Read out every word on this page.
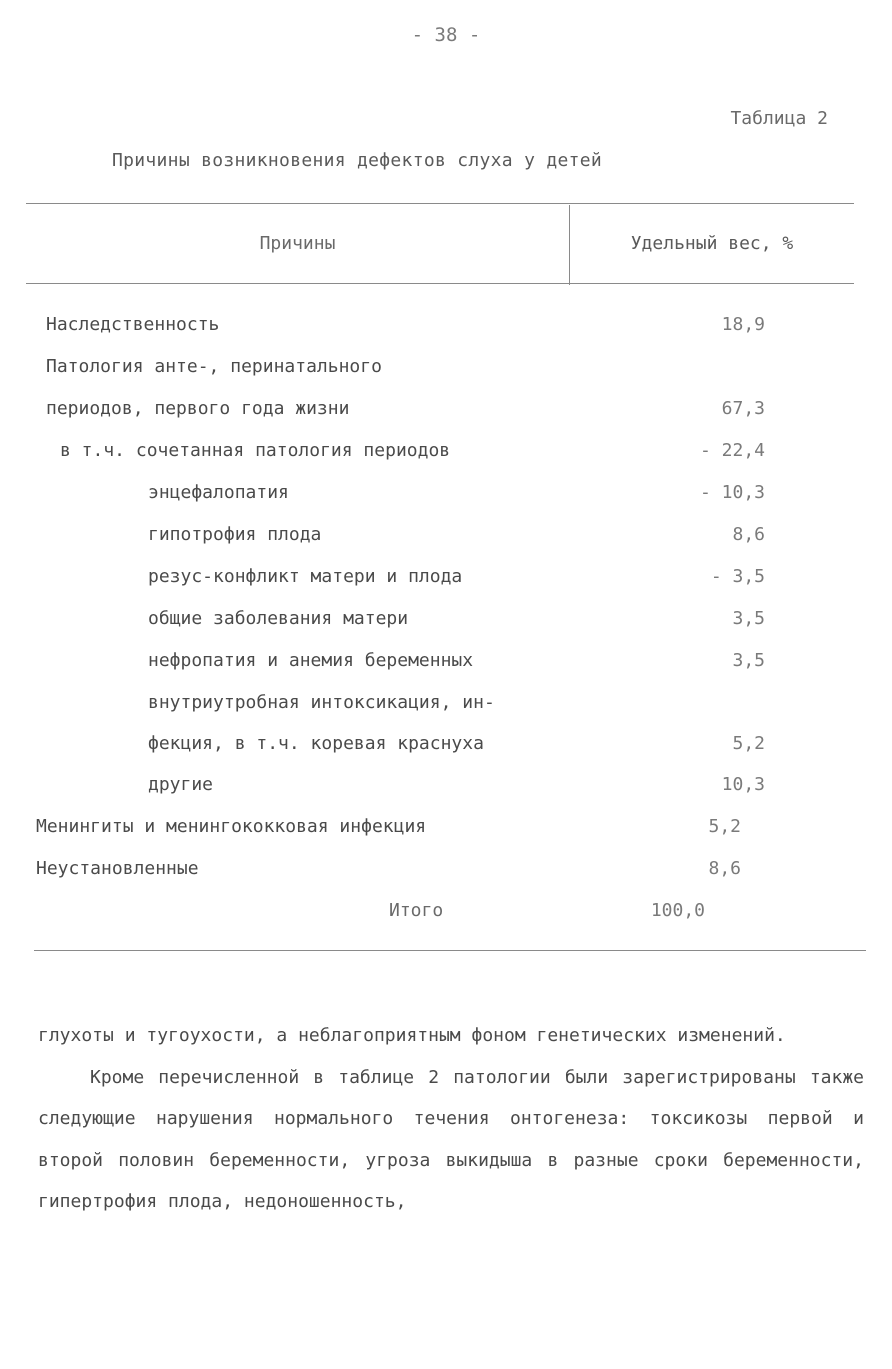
- 38 -
Таблица 2
Причины возникновения дефектов слуха у детей
Причины	Удельный вес, %
Наследственность	18,9
Патология анте-, перинатального
периодов, первого года жизни	67,3
в т.ч. сочетанная патология периодов	- 22,4
энцефалопатия	- 10,3
гипотрофия плода	8,6
резус-конфликт матери и плода	- 3,5
общие заболевания матери	3,5
нефропатия и анемия беременных	3,5
внутриутробная интоксикация, ин-
фекция, в т.ч. коревая краснуха	5,2
другие	10,3
Менингиты и менингококковая инфекция	5,2
Неустановленные	8,6
Итого	100,0

глухоты и тугоухости, а неблагоприятным фоном генетических изменений.

Кроме перечисленной в таблице 2 патологии были зарегистрированы также следующие нарушения нормального течения онтогенеза: токсикозы первой и второй половин беременности, угроза выкидыша в разные сроки беременности, гипертрофия плода, недоношенность,
